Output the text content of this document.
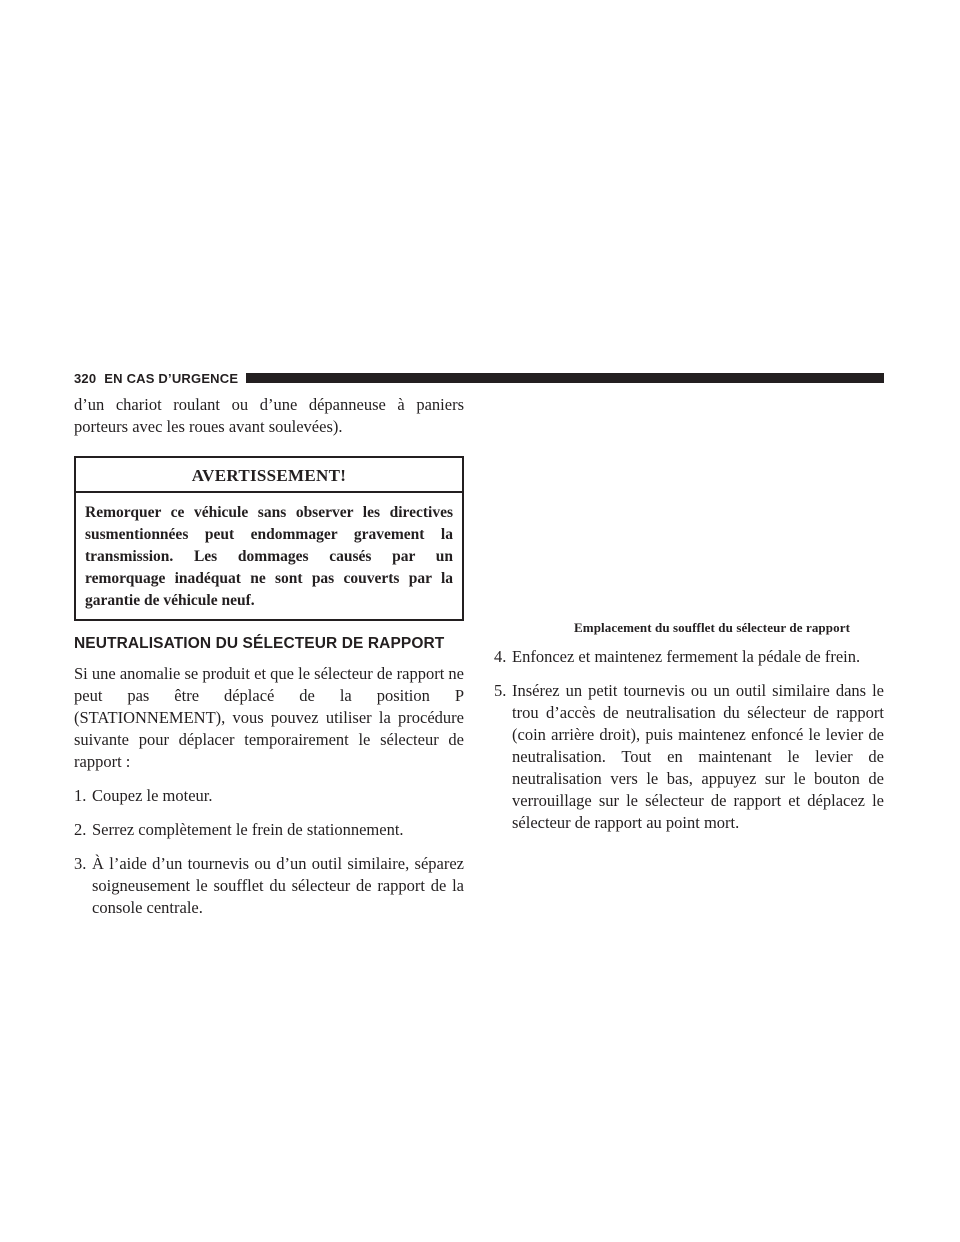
320 EN CAS D’URGENCE

d’un chariot roulant ou d’une dépanneuse à paniers porteurs avec les roues avant soulevées).

AVERTISSEMENT!
Remorquer ce véhicule sans observer les directives susmentionnées peut endommager gravement la transmission. Les dommages causés par un remorquage inadéquat ne sont pas couverts par la garantie de véhicule neuf.
NEUTRALISATION DU SÉLECTEUR DE RAPPORT

Si une anomalie se produit et que le sélecteur de rapport ne peut pas être déplacé de la position P (STATIONNEMENT), vous pouvez utiliser la procédure suivante pour déplacer temporairement le sélecteur de rapport :

1. Coupez le moteur.

2. Serrez complètement le frein de stationnement.

3. À l’aide d’un tournevis ou d’un outil similaire, séparez soigneusement le soufflet du sélecteur de rapport de la console centrale.

Emplacement du soufflet du sélecteur de rapport

4. Enfoncez et maintenez fermement la pédale de frein.

5. Insérez un petit tournevis ou un outil similaire dans le trou d’accès de neutralisation du sélecteur de rapport (coin arrière droit), puis maintenez enfoncé le levier de neutralisation. Tout en maintenant le levier de neutralisation vers le bas, appuyez sur le bouton de verrouillage sur le sélecteur de rapport et déplacez le sélecteur de rapport au point mort.
